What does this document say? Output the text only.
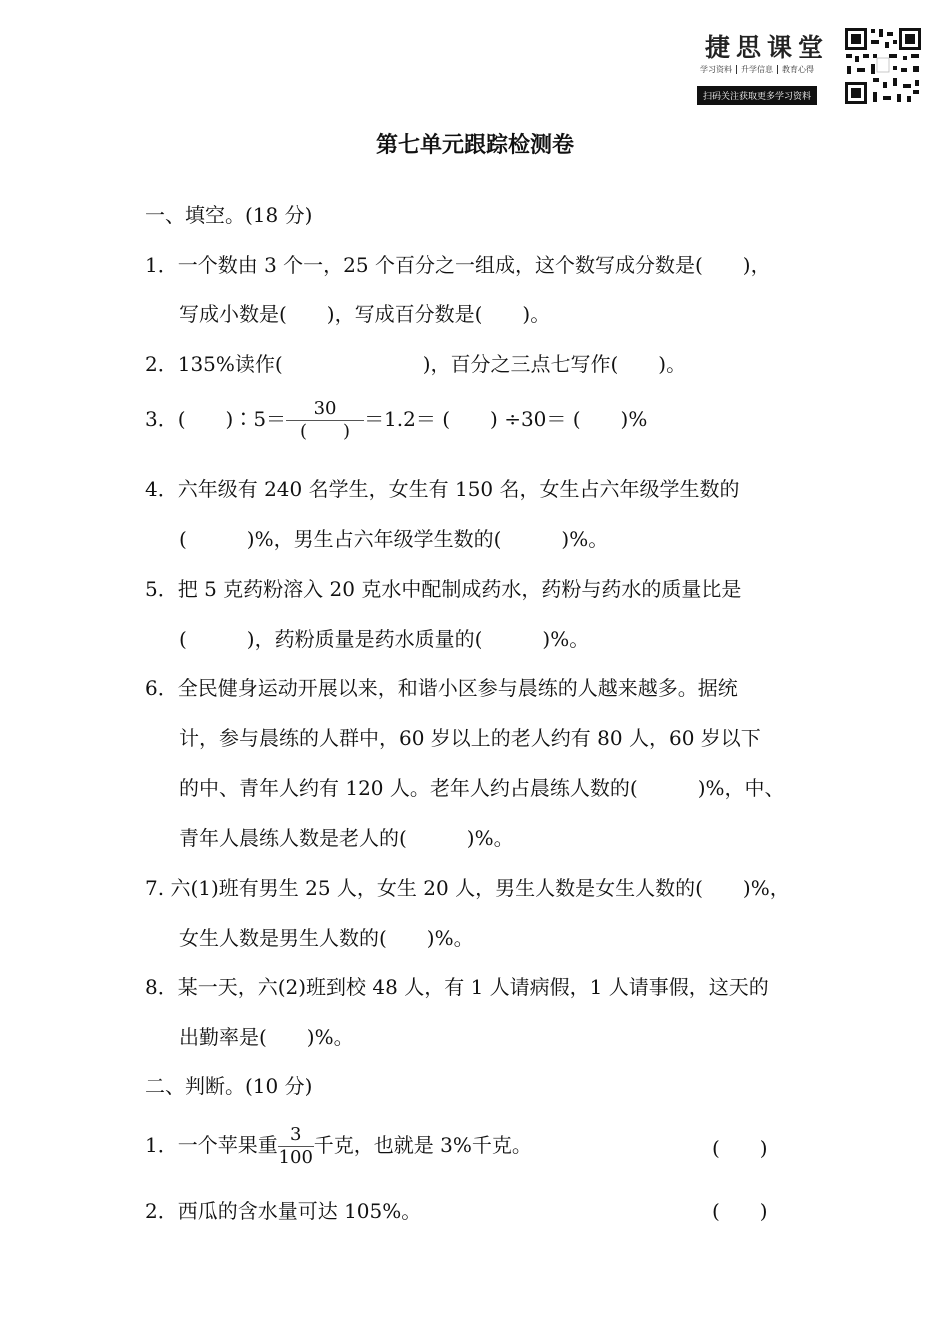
捷思课堂
学习资料 升学信息 教育心得
扫码关注获取更多学习资料
第七单元跟踪检测卷
一、填空。(18 分)
1．一个数由 3 个一，25 个百分之一组成，这个数写成分数是(　　)，
写成小数是(　　)，写成百分数是(　　)。
2．135%读作(　　　　　　　)，百分之三点七写作(　　)。
3．(　　)∶5＝ $\frac{30}{( )} =1.2=$ (　　) ÷30＝ (　　)%
4．六年级有 240 名学生，女生有 150 名，女生占六年级学生数的
(　　　)%，男生占六年级学生数的(　　　)%。
5．把 5 克药粉溶入 20 克水中配制成药水，药粉与药水的质量比是
(　　　)，药粉质量是药水质量的(　　　)%。
6．全民健身运动开展以来，和谐小区参与晨练的人越来越多。据统
计，参与晨练的人群中，60 岁以上的老人约有 80 人，60 岁以下
的中、青年人约有 120 人。老年人约占晨练人数的(　　　)%，中、
青年人晨练人数是老人的(　　　)%。
7. 六(1)班有男生 25 人，女生 20 人，男生人数是女生人数的(　　)%，
女生人数是男生人数的(　　)%。
8．某一天，六(2)班到校 48 人，有 1 人请病假，1 人请事假，这天的
出勤率是(　　)%。
二、判断。(10 分)
1．一个苹果重 $\frac{3}{100}$ 千克，也就是 3%千克。	(　　)
2．西瓜的含水量可达 105%。	(　　)
